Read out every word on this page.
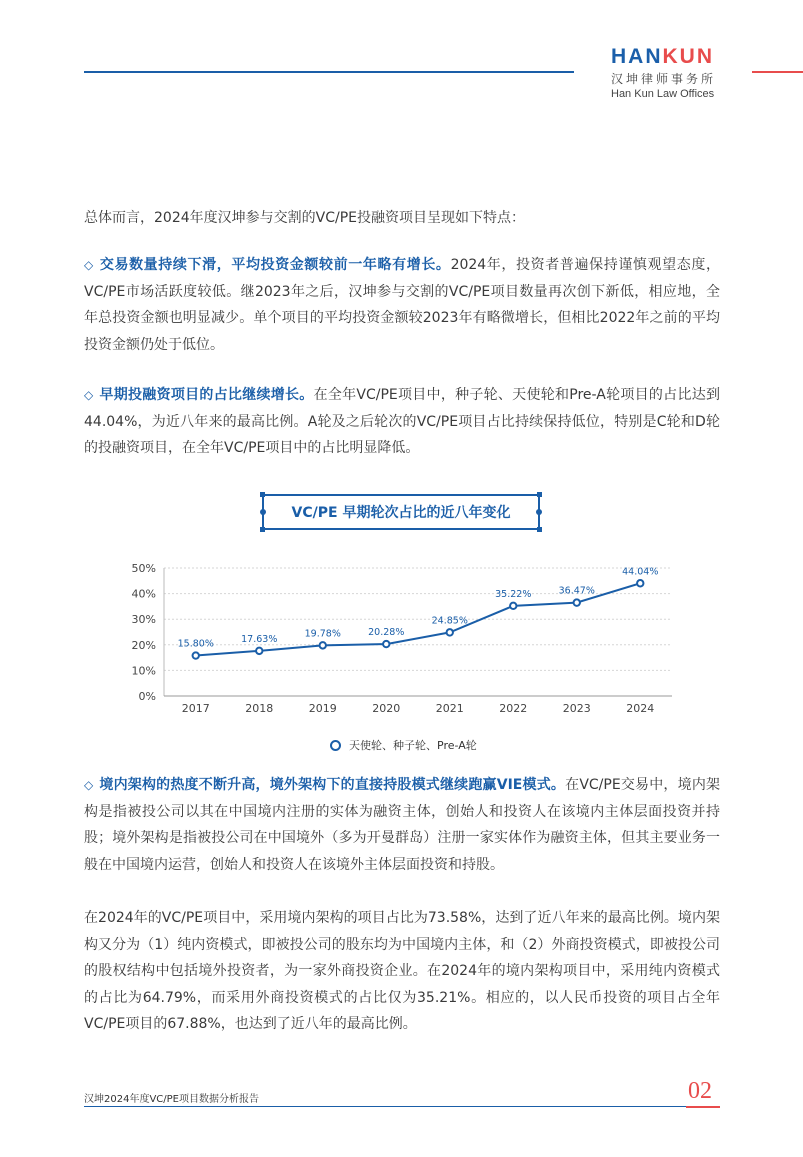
HANKUN
汉坤律师事务所
Han Kun Law Offices
总体而言，2024年度汉坤参与交割的VC/PE投融资项目呈现如下特点：
◇ 交易数量持续下滑，平均投资金额较前一年略有增长。2024年，投资者普遍保持谨慎观望态度，VC/PE市场活跃度较低。继2023年之后，汉坤参与交割的VC/PE项目数量再次创下新低，相应地，全年总投资金额也明显减少。单个项目的平均投资金额较2023年有略微增长，但相比2022年之前的平均投资金额仍处于低位。
◇ 早期投融资项目的占比继续增长。在全年VC/PE项目中，种子轮、天使轮和Pre-A轮项目的占比达到44.04%，为近八年来的最高比例。A轮及之后轮次的VC/PE项目占比持续保持低位，特别是C轮和D轮的投融资项目，在全年VC/PE项目中的占比明显降低。
VC/PE 早期轮次占比的近八年变化
0%
10%
20%
30%
40%
50%
2017	2018	2019	2020	2021	2022	2023	2024
15.80%	17.63%
19.78%	20.28%
24.85%
35.22%	36.47%
44.04%
天使轮、种子轮、Pre-A轮
◇ 境内架构的热度不断升高，境外架构下的直接持股模式继续跑赢VIE模式。在VC/PE交易中，境内架构是指被投公司以其在中国境内注册的实体为融资主体，创始人和投资人在该境内主体层面投资并持股；境外架构是指被投公司在中国境外（多为开曼群岛）注册一家实体作为融资主体，但其主要业务一般在中国境内运营，创始人和投资人在该境外主体层面投资和持股。
在2024年的VC/PE项目中，采用境内架构的项目占比为73.58%，达到了近八年来的最高比例。境内架构又分为（1）纯内资模式，即被投公司的股东均为中国境内主体，和（2）外商投资模式，即被投公司的股权结构中包括境外投资者，为一家外商投资企业。在2024年的境内架构项目中，采用纯内资模式的占比为64.79%，而采用外商投资模式的占比仅为35.21%。相应的，以人民币投资的项目占全年VC/PE项目的67.88%，也达到了近八年的最高比例。
汉坤2024年度VC/PE项目数据分析报告	02
